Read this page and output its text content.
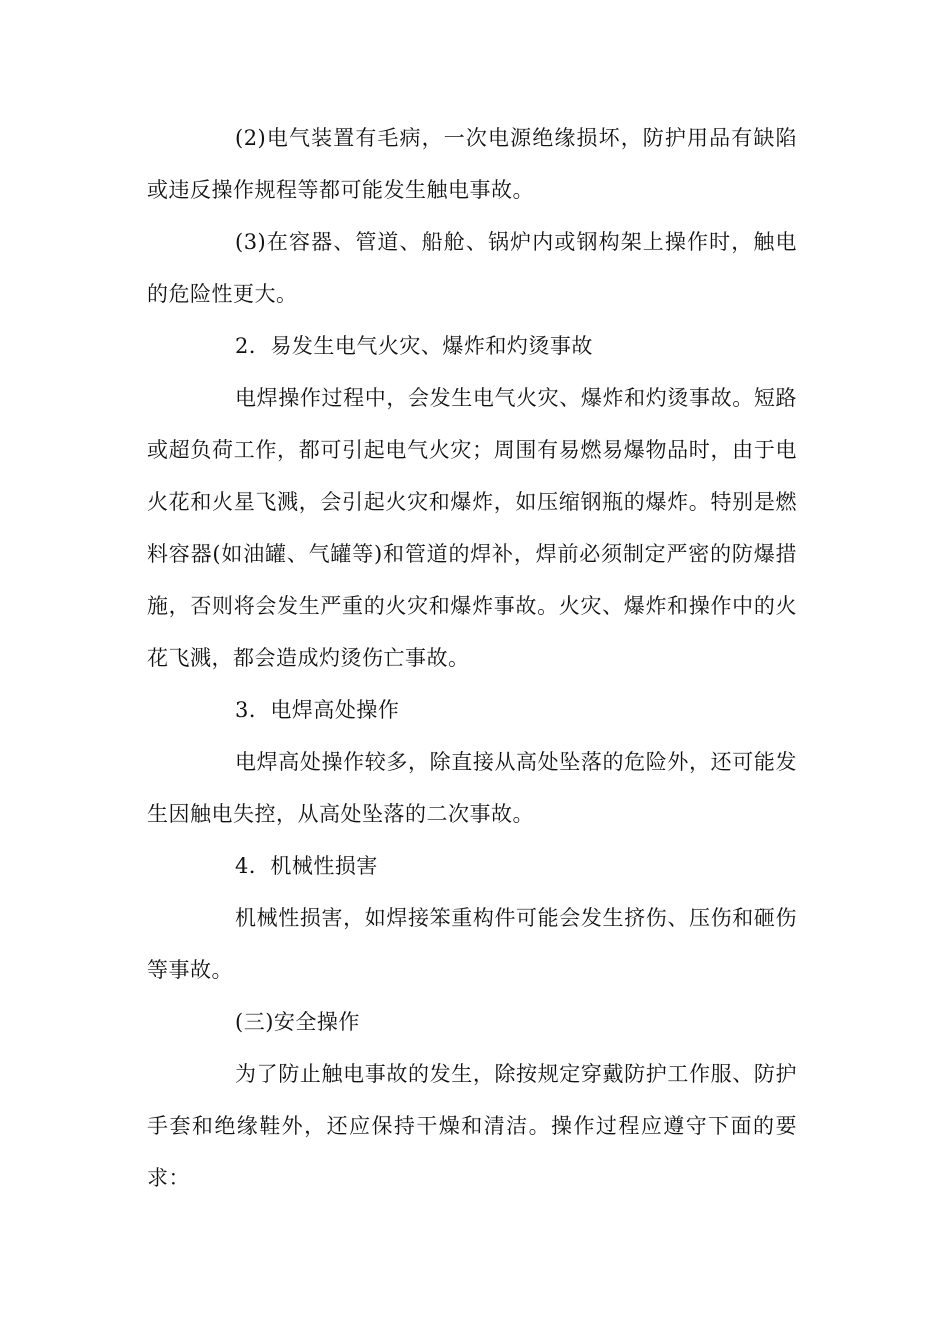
(2)电气装置有毛病，一次电源绝缘损坏，防护用品有缺陷或违反操作规程等都可能发生触电事故。

(3)在容器、管道、船舱、锅炉内或钢构架上操作时，触电的危险性更大。

2．易发生电气火灾、爆炸和灼烫事故

电焊操作过程中，会发生电气火灾、爆炸和灼烫事故。短路或超负荷工作，都可引起电气火灾；周围有易燃易爆物品时，由于电火花和火星飞溅，会引起火灾和爆炸，如压缩钢瓶的爆炸。特别是燃料容器(如油罐、气罐等)和管道的焊补，焊前必须制定严密的防爆措施，否则将会发生严重的火灾和爆炸事故。火灾、爆炸和操作中的火花飞溅，都会造成灼烫伤亡事故。

3．电焊高处操作

电焊高处操作较多，除直接从高处坠落的危险外，还可能发生因触电失控，从高处坠落的二次事故。

4．机械性损害

机械性损害，如焊接笨重构件可能会发生挤伤、压伤和砸伤等事故。

(三)安全操作

为了防止触电事故的发生，除按规定穿戴防护工作服、防护手套和绝缘鞋外，还应保持干燥和清洁。操作过程应遵守下面的要求：
